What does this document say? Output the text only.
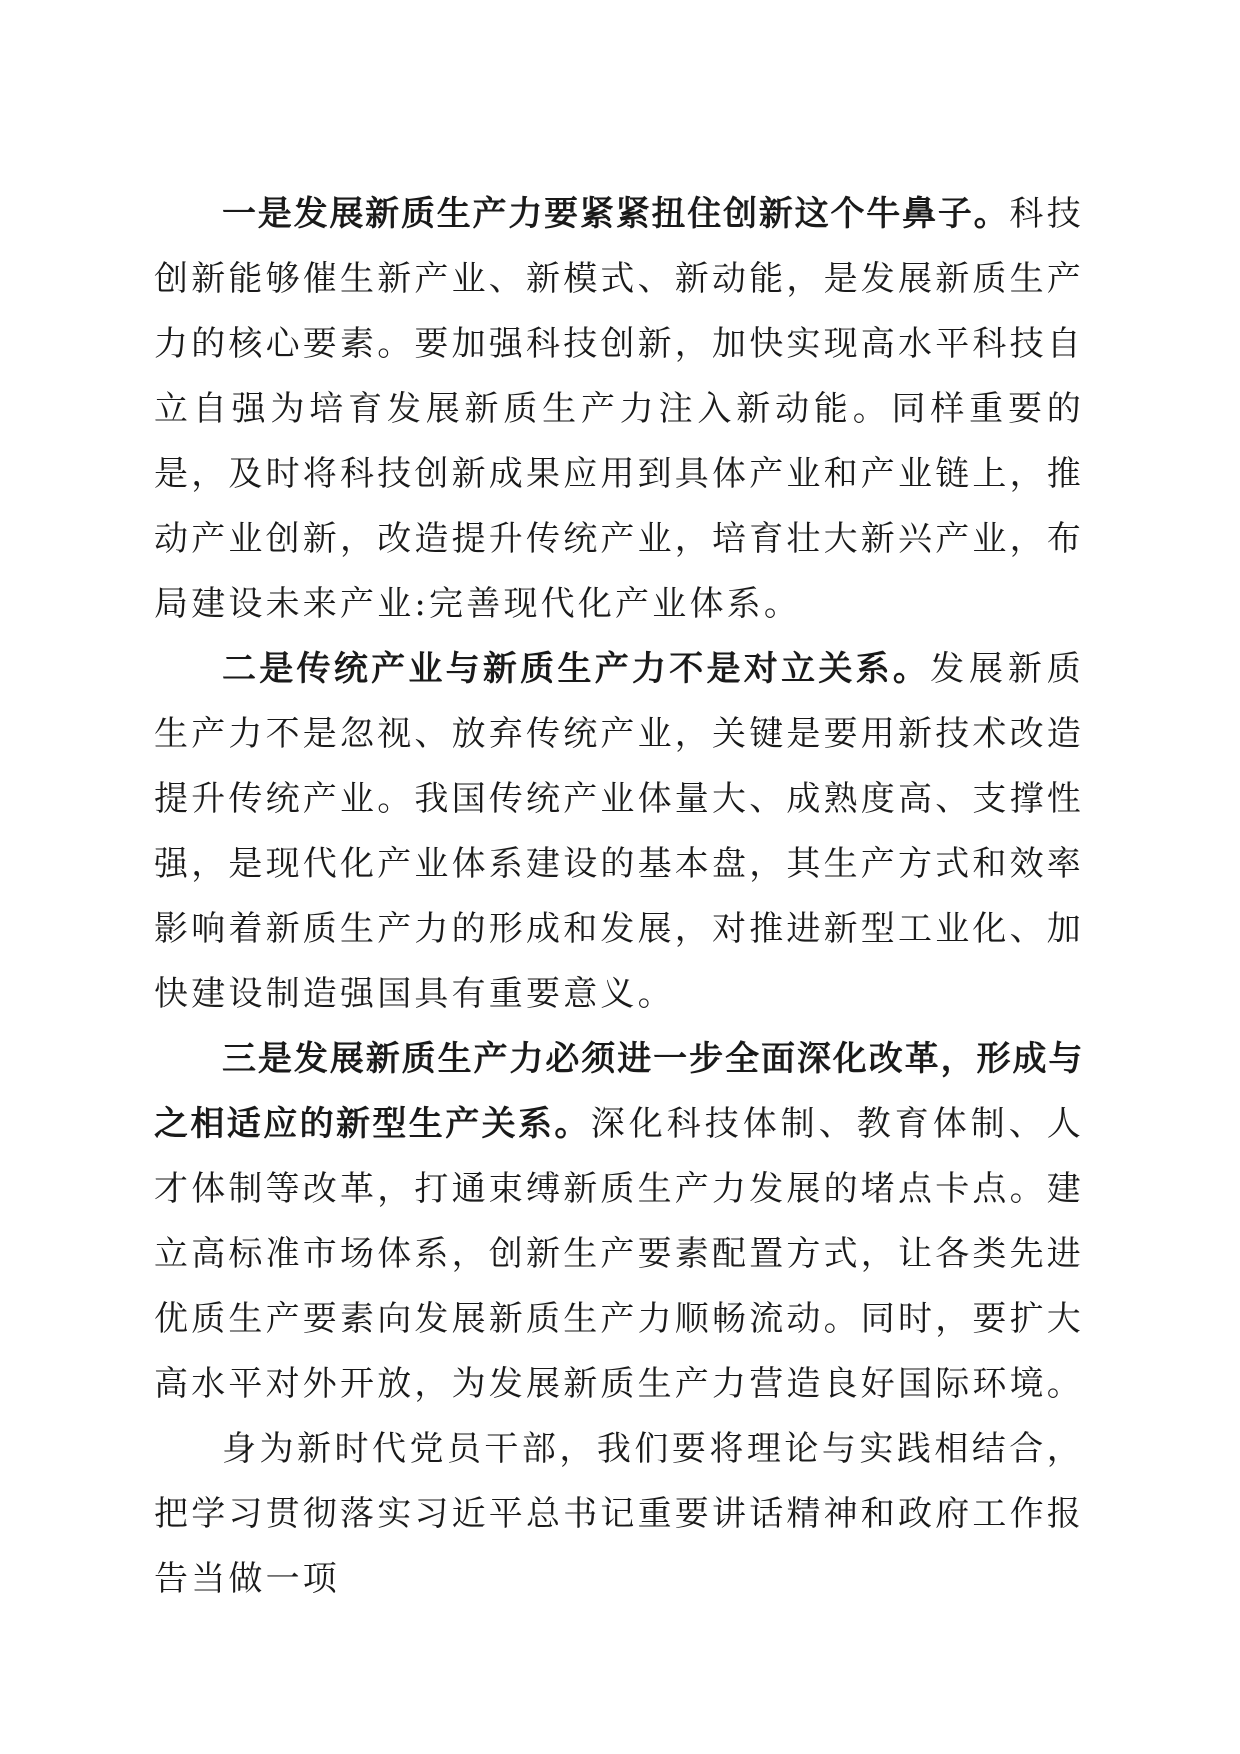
一是发展新质生产力要紧紧扭住创新这个牛鼻子。科技创新能够催生新产业、新模式、新动能，是发展新质生产力的核心要素。要加强科技创新，加快实现高水平科技自立自强为培育发展新质生产力注入新动能。同样重要的是，及时将科技创新成果应用到具体产业和产业链上，推动产业创新，改造提升传统产业，培育壮大新兴产业，布局建设未来产业:完善现代化产业体系。

二是传统产业与新质生产力不是对立关系。发展新质生产力不是忽视、放弃传统产业，关键是要用新技术改造提升传统产业。我国传统产业体量大、成熟度高、支撑性强，是现代化产业体系建设的基本盘，其生产方式和效率影响着新质生产力的形成和发展，对推进新型工业化、加快建设制造强国具有重要意义。

三是发展新质生产力必须进一步全面深化改革，形成与之相适应的新型生产关系。深化科技体制、教育体制、人才体制等改革，打通束缚新质生产力发展的堵点卡点。建立高标准市场体系，创新生产要素配置方式，让各类先进优质生产要素向发展新质生产力顺畅流动。同时，要扩大高水平对外开放，为发展新质生产力营造良好国际环境。

身为新时代党员干部，我们要将理论与实践相结合，把学习贯彻落实习近平总书记重要讲话精神和政府工作报告当做一项
